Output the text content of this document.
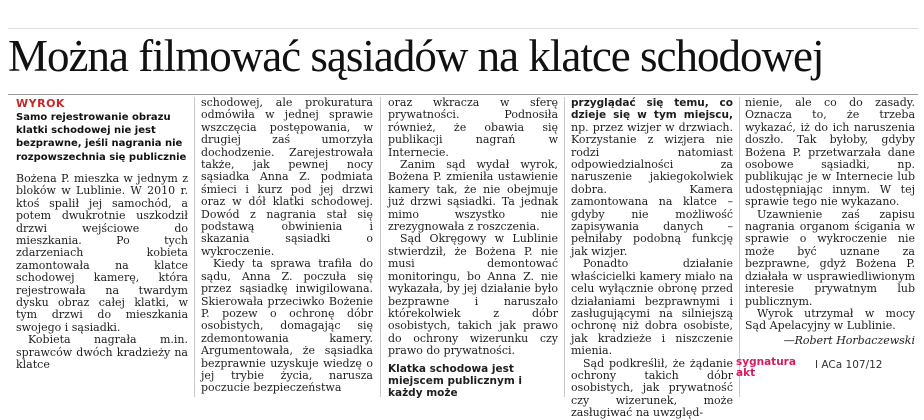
Można filmować sąsiadów na klatce schodowej
WYROK
Samo rejestrowanie obrazu klatki schodowej nie jest bezprawne, jeśli nagrania nie rozpowszechnia się publicznie

Bożena P. mieszka w jednym z bloków w Lublinie. W 2010 r. ktoś spalił jej samochód, a potem dwukrotnie uszkodził drzwi wejściowe do mieszkania. Po tych zdarzeniach kobieta zamontowała na klatce schodowej kamerę, która rejestrowała na twardym dysku obraz całej klatki, w tym drzwi do mieszkania swojego i sąsiadki.

Kobieta nagrała m.in. sprawców dwóch kradzieży na klatce

schodowej, ale prokuratura odmówiła w jednej sprawie wszczęcia postępowania, w drugiej zaś umorzyła dochodzenie. Zarejestrowała także, jak pewnej nocy sąsiadka Anna Z. podmiata śmieci i kurz pod jej drzwi oraz w dół klatki schodowej. Dowód z nagrania stał się podstawą obwinienia i skazania sąsiadki o wykroczenie.

Kiedy ta sprawa trafiła do sądu, Anna Z. poczuła się przez sąsiadkę inwigilowana. Skierowała przeciwko Bożenie P. pozew o ochronę dóbr osobistych, domagając się zdemontowania kamery. Argumentowała, że sąsiadka bezprawnie uzyskuje wiedzę o jej trybie życia, narusza poczucie bezpieczeństwa

oraz wkracza w sferę prywatności. Podnosiła również, że obawia się publikacji nagrań w Internecie.

Zanim sąd wydał wyrok, Bożena P. zmieniła ustawienie kamery tak, że nie obejmuje już drzwi sąsiadki. Ta jednak mimo wszystko nie zrezygnowała z roszczenia.

Sąd Okręgowy w Lublinie stwierdził, że Bożena P. nie musi demontować monitoringu, bo Anna Z. nie wykazała, by jej działanie było bezprawne i naruszało którekolwiek z dóbr osobistych, takich jak prawo do ochrony wizerunku czy prawo do prywatności.

Klatka schodowa jest miejscem publicznym i każdy może

przyglądać się temu, co dzieje się w tym miejscu, np. przez wizjer w drzwiach. Korzystanie z wizjera nie rodzi natomiast odpowiedzialności za naruszenie jakiegokolwiek dobra. Kamera zamontowana na klatce – gdyby nie możliwość zapisywania danych – pełniłaby podobną funkcję jak wizjer.

Ponadto działanie właścicielki kamery miało na celu wyłącznie obronę przed działaniami bezprawnymi i zasługującymi na silniejszą ochronę niż dobra osobiste, jak kradzieże i niszczenie mienia.

Sąd podkreślił, że żądanie ochrony takich dóbr osobistych, jak prywatność czy wizerunek, może zasługiwać na uwzględ-

nienie, ale co do zasady. Oznacza to, że trzeba wykazać, iż do ich naruszenia doszło. Tak byłoby, gdyby Bożena P. przetwarzała dane osobowe sąsiadki, np. publikując je w Internecie lub udostępniając innym. W tej sprawie tego nie wykazano.

Uzawnienie zaś zapisu nagrania organom ścigania w sprawie o wykroczenie nie może być uznane za bezprawne, gdyż Bożena P. działała w usprawiedliwionym interesie prywatnym lub publicznym.

Wyrok utrzymał w mocy Sąd Apelacyjny w Lublinie.

—Robert Horbaczewski

sygnatura akt
I ACa 107/12
